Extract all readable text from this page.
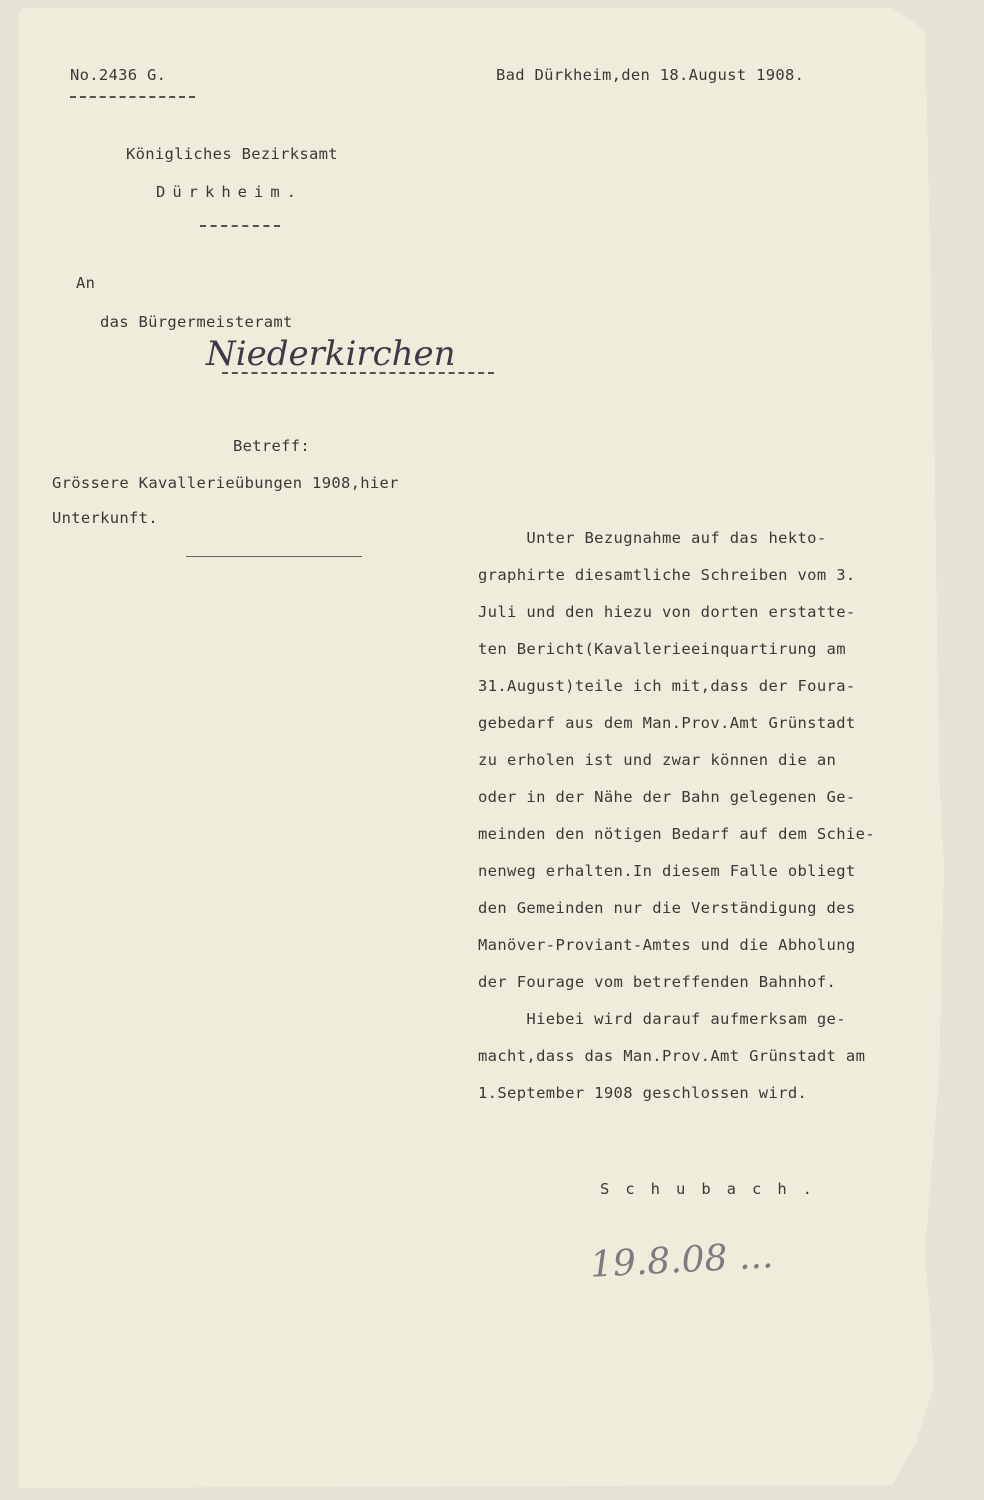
No.2436 G.	Bad Dürkheim,den 18.August 1908.
Königliches Bezirksamt
Dürkheim.
An
das Bürgermeisteramt
Niederkirchen
Betreff:
Grössere Kavallerieübungen 1908,hier
Unterkunft.
Unter Bezugnahme auf das hekto-
graphirte diesamtliche Schreiben vom 3.
Juli und den hiezu von dorten erstatte-
ten Bericht(Kavallerieeinquartirung am
31.August)teile ich mit,dass der Foura-
gebedarf aus dem Man.Prov.Amt Grünstadt
zu erholen ist und zwar können die an
oder in der Nähe der Bahn gelegenen Ge-
meinden den nötigen Bedarf auf dem Schie-
nenweg erhalten.In diesem Falle obliegt
den Gemeinden nur die Verständigung des
Manöver-Proviant-Amtes und die Abholung
der Fourage vom betreffenden Bahnhof.
Hiebei wird darauf aufmerksam ge-
macht,dass das Man.Prov.Amt Grünstadt am
1.September 1908 geschlossen wird.
Schubach.
19.8.08 ...
